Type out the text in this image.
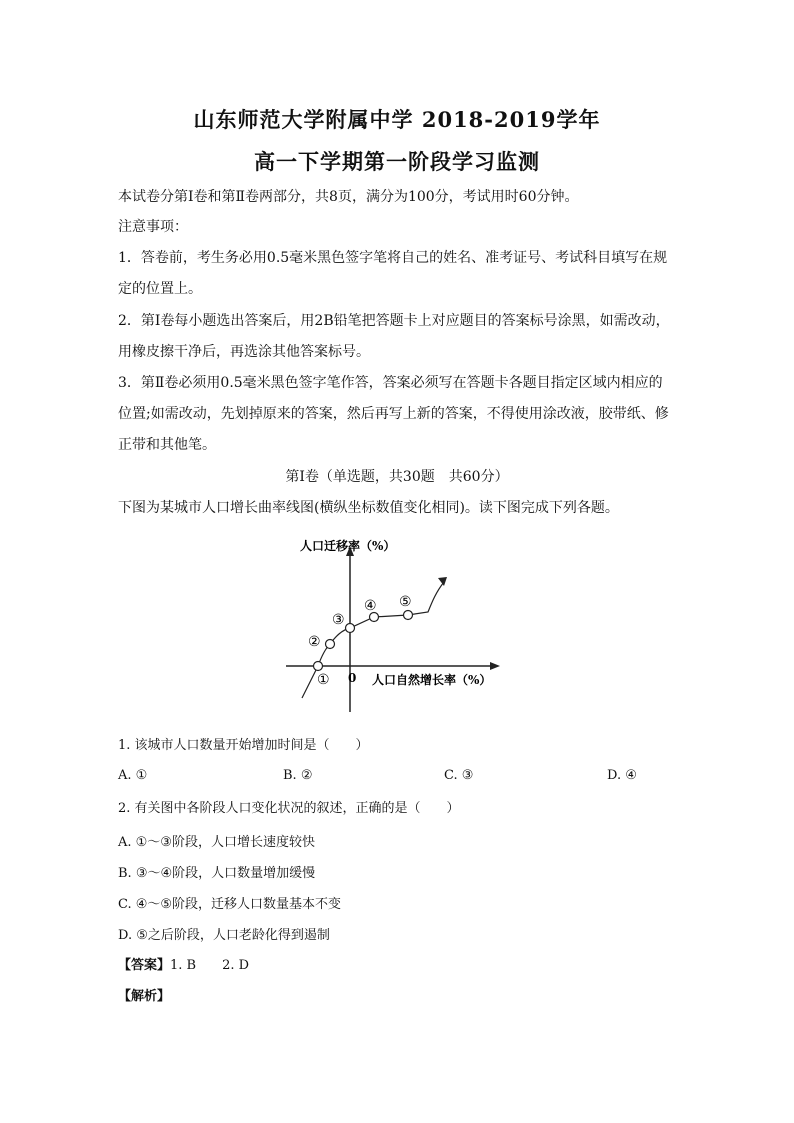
山东师范大学附属中学 2018-2019学年
高一下学期第一阶段学习监测
本试卷分第Ⅰ卷和第Ⅱ卷两部分，共8页，满分为100分，考试用时60分钟。
注意事项：
1．答卷前，考生务必用0.5毫米黑色签字笔将自己的姓名、准考证号、考试科目填写在规
定的位置上。
2．第Ⅰ卷每小题选出答案后，用2B铅笔把答题卡上对应题目的答案标号涂黑，如需改动，
用橡皮擦干净后，再选涂其他答案标号。
3．第Ⅱ卷必须用0.5毫米黑色签字笔作答，答案必须写在答题卡各题目指定区域内相应的
位置;如需改动，先划掉原来的答案，然后再写上新的答案，不得使用涂改液，胶带纸、修
正带和其他笔。
第I卷（单选题，共30题　共60分）
下图为某城市人口增长曲率线图(横纵坐标数值变化相同)。读下图完成下列各题。
人口迁移率（%）
人口自然增长率（%）
0
①
②
③
④ ⑤
1. 该城市人口数量开始增加时间是（　　）
A. ①	B. ②	C. ③	D. ④
2. 有关图中各阶段人口变化状况的叙述，正确的是（　　）
A. ①～③阶段，人口增长速度较快
B. ③～④阶段，人口数量增加缓慢
C. ④～⑤阶段，迁移人口数量基本不变
D. ⑤之后阶段，人口老龄化得到遏制
【答案】1. B　　2. D
【解析】
